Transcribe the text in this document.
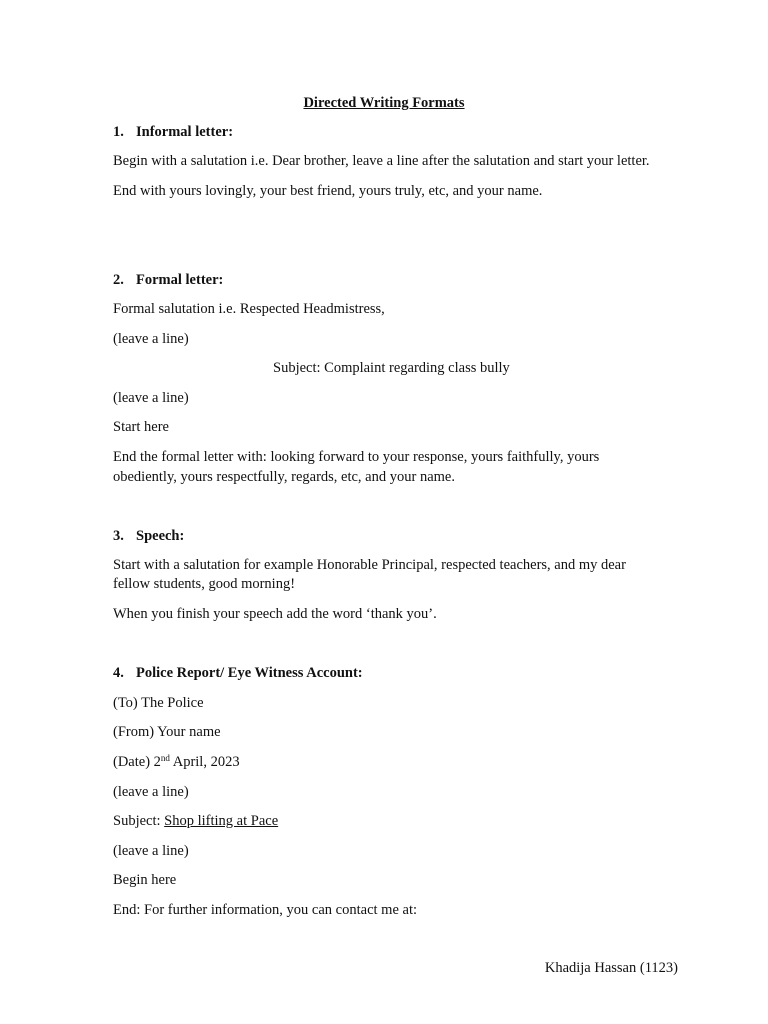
Directed Writing Formats
1. Informal letter:
Begin with a salutation i.e. Dear brother, leave a line after the salutation and start your letter.
End with yours lovingly, your best friend, yours truly, etc, and your name.
2. Formal letter:
Formal salutation i.e. Respected Headmistress,
(leave a line)
Subject: Complaint regarding class bully
(leave a line)
Start here
End the formal letter with: looking forward to your response, yours faithfully, yours
obediently, yours respectfully, regards, etc, and your name.
3. Speech:
Start with a salutation for example Honorable Principal, respected teachers, and my dear
fellow students, good morning!
When you finish your speech add the word ‘thank you’.
4. Police Report/ Eye Witness Account:
(To) The Police
(From) Your name
(Date) 2nd April, 2023
(leave a line)
Subject: Shop lifting at Pace
(leave a line)
Begin here
End: For further information, you can contact me at:
Khadija Hassan (1123)
